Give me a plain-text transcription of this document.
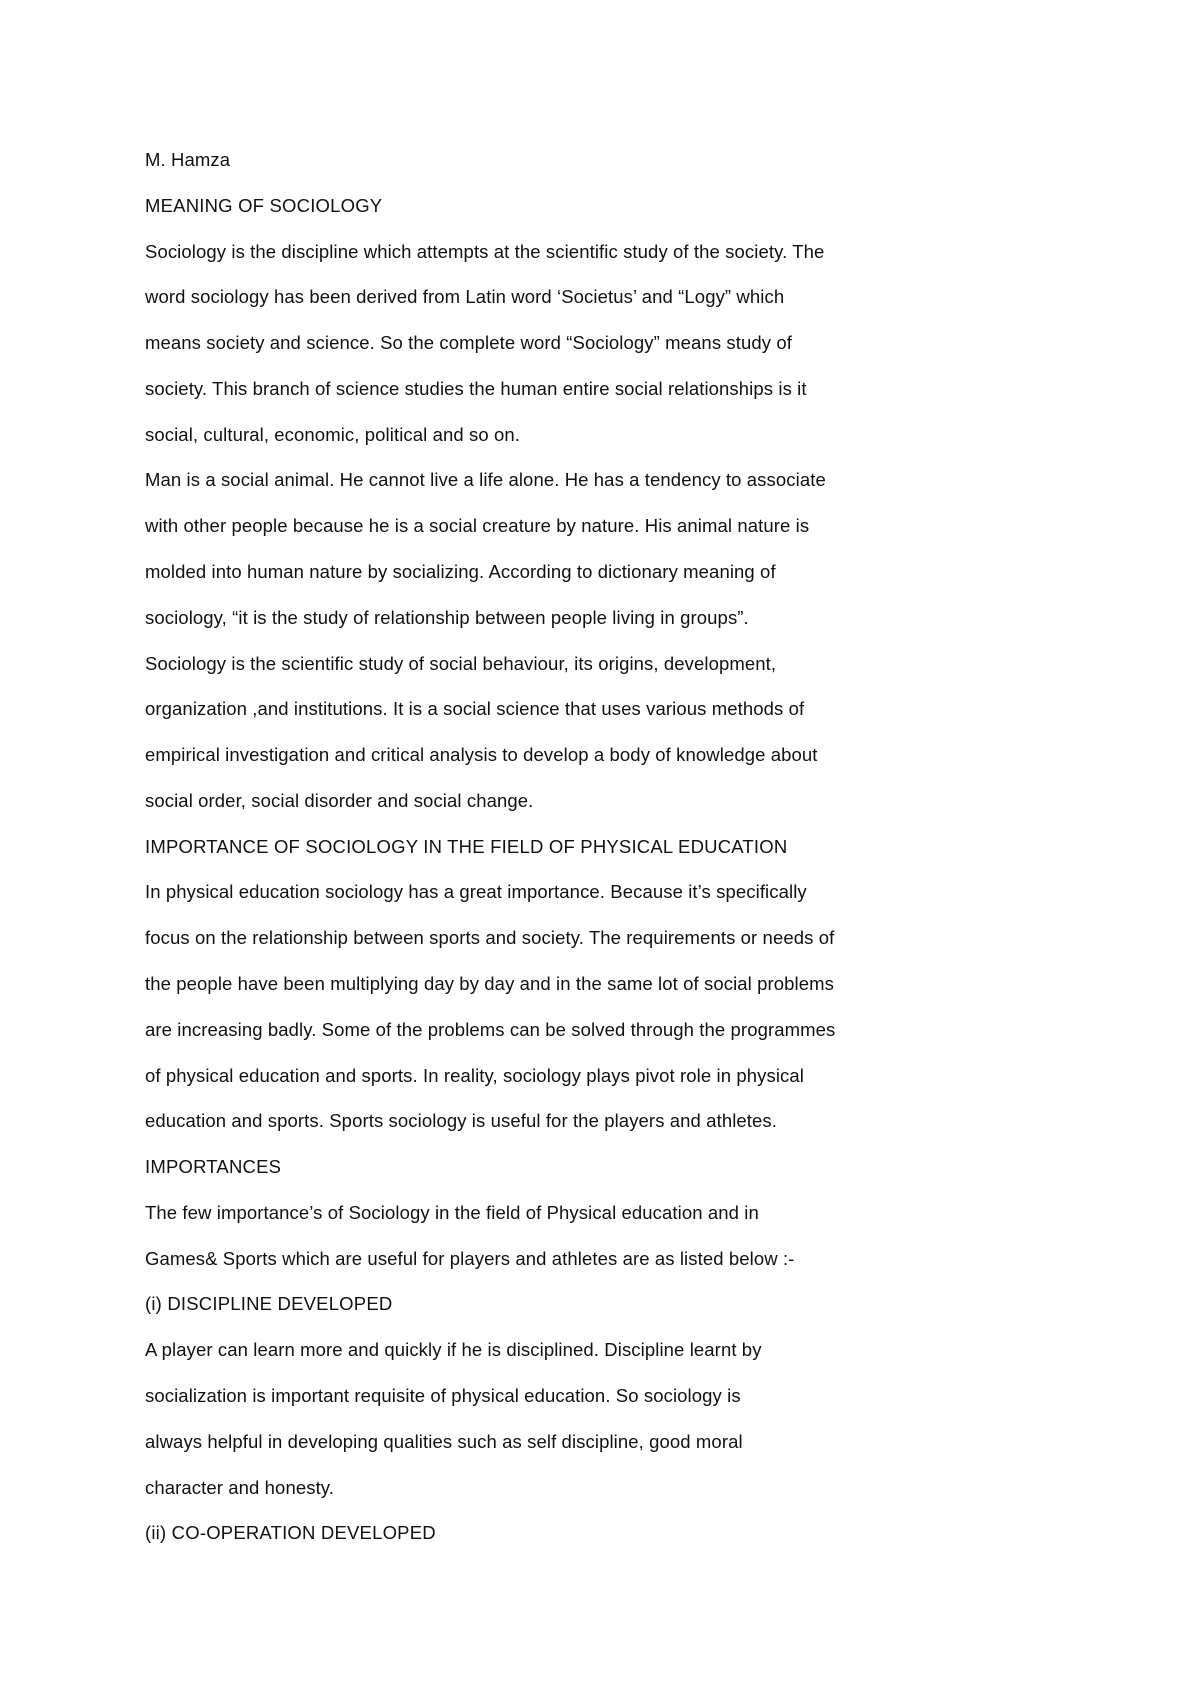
M. Hamza

MEANING OF SOCIOLOGY

Sociology is the discipline which attempts at the scientific study of the society. The

word sociology has been derived from Latin word ‘Societus’ and “Logy” which

means society and science. So the complete word “Sociology” means study of

society. This branch of science studies the human entire social relationships is it

social, cultural, economic, political and so on.

Man is a social animal. He cannot live a life alone. He has a tendency to associate

with other people because he is a social creature by nature. His animal nature is

molded into human nature by socializing. According to dictionary meaning of

sociology, “it is the study of relationship between people living in groups”.

Sociology is the scientific study of social behaviour, its origins, development,

organization ,and institutions. It is a social science that uses various methods of

empirical investigation and critical analysis to develop a body of knowledge about

social order, social disorder and social change.

IMPORTANCE OF SOCIOLOGY IN THE FIELD OF PHYSICAL EDUCATION

In physical education sociology has a great importance. Because it’s specifically

focus on the relationship between sports and society. The requirements or needs of

the people have been multiplying day by day and in the same lot of social problems

are increasing badly. Some of the problems can be solved through the programmes

of physical education and sports. In reality, sociology plays pivot role in physical

education and sports. Sports sociology is useful for the players and athletes.

IMPORTANCES

The few importance’s of Sociology in the field of Physical education and in

Games& Sports which are useful for players and athletes are as listed below :-

(i) DISCIPLINE DEVELOPED

A player can learn more and quickly if he is disciplined. Discipline learnt by

socialization is important requisite of physical education. So sociology is

always helpful in developing qualities such as self discipline, good moral

character and honesty.

(ii) CO-OPERATION DEVELOPED
